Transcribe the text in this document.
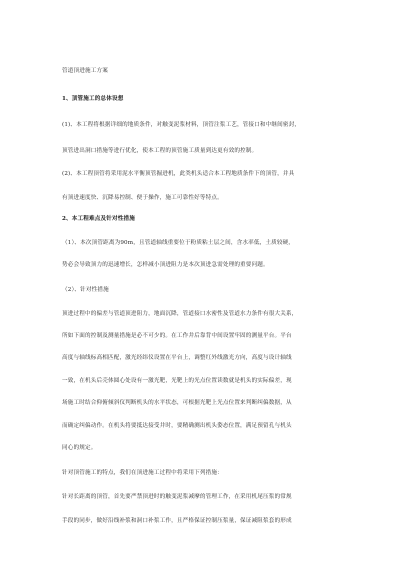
管道顶进施工方案
1、顶管施工的总体设想
(1)、本工程将根据详细的地质条件，对触变泥浆材料，顶管注浆工艺，管接口和中继间密封，
顶管进出洞口措施等进行优化，使本工程的顶管施工质量到达更有效的控制。
(2)、本工程顶管将采用泥水平衡顶管掘进机，此类机头适合本工程地质条件下的顶管，并具
有顶进速度快、沉降易控制、便于操作，施工可靠性好等特点。
2、本工程难点及针对性措施
（1）、本次顶管距离为90m，且管道轴线重要位于粉质粘土层之间，含水率低，土质较硬，
势必会导致顶力的迅速增长，怎样减小顶进阻力是本次顶进急需处理的重要问题。
（2）、针对性措施
顶进过程中的偏差与管道顶进阻力，地面沉降，管道接口水密性及管道水力条件有很大关系，
所如下面的控制及测量措施是必不可少的。在工作井后靠背中间设置牢固的测量平台。平台
高度与轴线标高相匹配，激光经纬仪设置在平台上，调整红外线激光方向，高度与设计轴线
一致，在机头后壳体圆心处设有一激光靶，光靶上的光点位置读数就是机头的实际偏差，现
场施工时结合仰俯倾斜仪判断机头的水平状态，可根据光靶上光点位置来判断纠偏数据，从
而确定纠偏动作。在机头将要抵达接受井时，要精确测出机头姿态位置，满足预留孔与机头
同心的规定。
针对顶管施工的特点，我们在顶进施工过程中将采用下列措施：
针对长距离的顶管，首先要严禁顶进时的触变泥浆减摩的管理工作，在采用机尾压浆的常规
手段的同步，做好沿线补浆和洞口补浆工作，且严格保证控制压浆量，保证减阻浆套的形成
